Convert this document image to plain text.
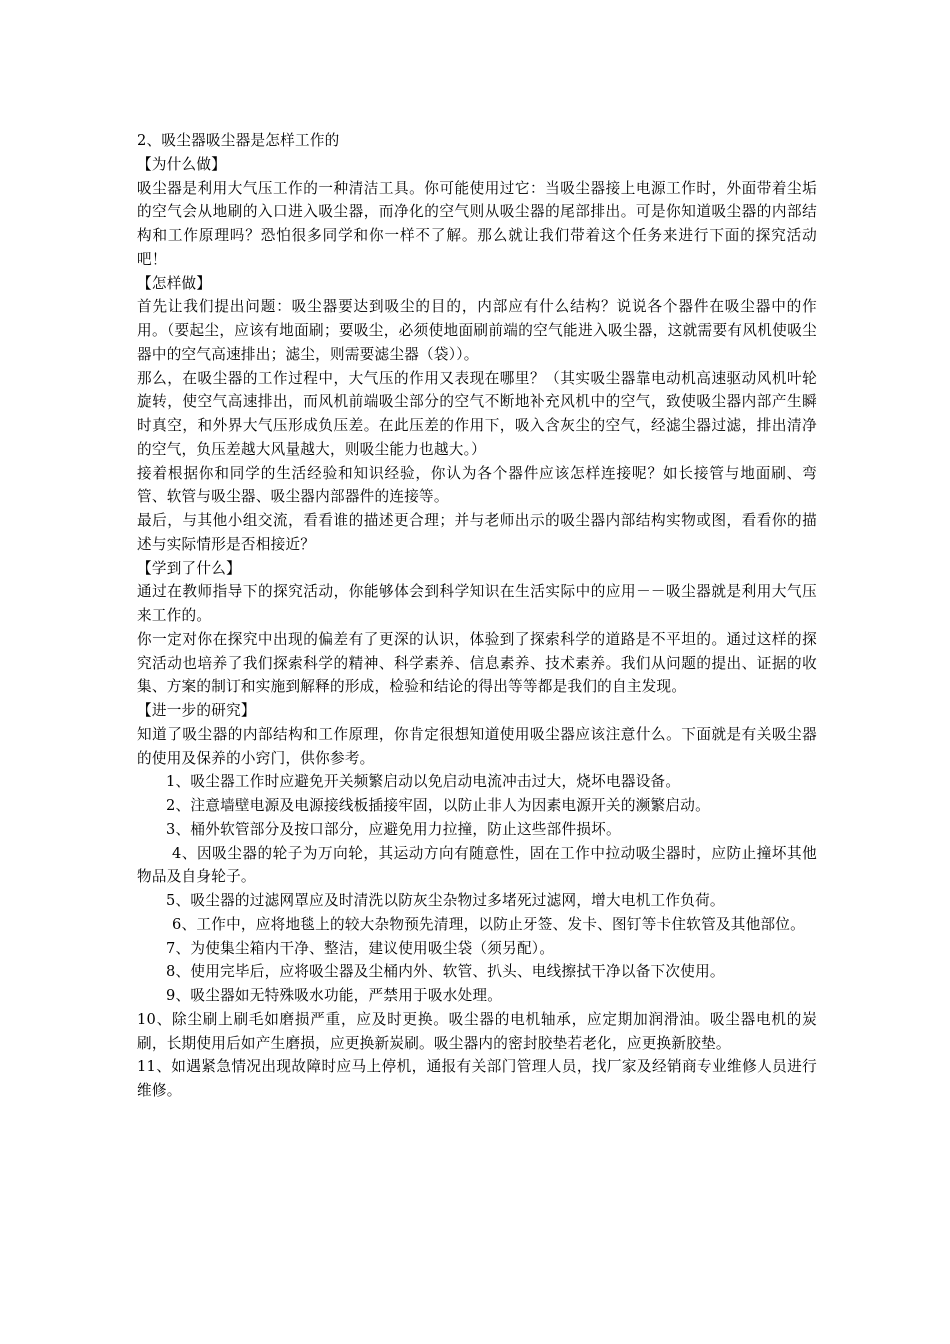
2、吸尘器吸尘器是怎样工作的

【为什么做】

吸尘器是利用大气压工作的一种清洁工具。你可能使用过它：当吸尘器接上电源工作时，外面带着尘垢的空气会从地刷的入口进入吸尘器，而净化的空气则从吸尘器的尾部排出。可是你知道吸尘器的内部结构和工作原理吗？恐怕很多同学和你一样不了解。那么就让我们带着这个任务来进行下面的探究活动吧！

【怎样做】

首先让我们提出问题：吸尘器要达到吸尘的目的，内部应有什么结构？说说各个器件在吸尘器中的作用。（要起尘，应该有地面刷；要吸尘，必须使地面刷前端的空气能进入吸尘器，这就需要有风机使吸尘器中的空气高速排出；滤尘，则需要滤尘器（袋））。

那么，在吸尘器的工作过程中，大气压的作用又表现在哪里？（其实吸尘器靠电动机高速驱动风机叶轮旋转，使空气高速排出，而风机前端吸尘部分的空气不断地补充风机中的空气，致使吸尘器内部产生瞬时真空，和外界大气压形成负压差。在此压差的作用下，吸入含灰尘的空气，经滤尘器过滤，排出清净的空气，负压差越大风量越大，则吸尘能力也越大。）

接着根据你和同学的生活经验和知识经验，你认为各个器件应该怎样连接呢？如长接管与地面刷、弯管、软管与吸尘器、吸尘器内部器件的连接等。

最后，与其他小组交流，看看谁的描述更合理；并与老师出示的吸尘器内部结构实物或图，看看你的描述与实际情形是否相接近？

【学到了什么】

通过在教师指导下的探究活动，你能够体会到科学知识在生活实际中的应用－－吸尘器就是利用大气压来工作的。

你一定对你在探究中出现的偏差有了更深的认识，体验到了探索科学的道路是不平坦的。通过这样的探究活动也培养了我们探索科学的精神、科学素养、信息素养、技术素养。我们从问题的提出、证据的收集、方案的制订和实施到解释的形成，检验和结论的得出等等都是我们的自主发现。

【进一步的研究】

知道了吸尘器的内部结构和工作原理，你肯定很想知道使用吸尘器应该注意什么。下面就是有关吸尘器的使用及保养的小窍门，供你参考。

1、吸尘器工作时应避免开关频繁启动以免启动电流冲击过大，烧坏电器设备。

2、注意墙壁电源及电源接线板插接牢固，以防止非人为因素电源开关的濒繁启动。

3、桶外软管部分及按口部分，应避免用力拉撞，防止这些部件损坏。

4、因吸尘器的轮子为万向轮，其运动方向有随意性，固在工作中拉动吸尘器时，应防止撞坏其他物品及自身轮子。

5、吸尘器的过滤网罩应及时清洗以防灰尘杂物过多堵死过滤网，增大电机工作负荷。

6、工作中，应将地毯上的较大杂物预先清理，以防止牙签、发卡、图钉等卡住软管及其他部位。

7、为使集尘箱内干净、整洁，建议使用吸尘袋（须另配）。

8、使用完毕后，应将吸尘器及尘桶内外、软管、扒头、电线擦拭干净以备下次使用。

9、吸尘器如无特殊吸水功能，严禁用于吸水处理。

10、除尘刷上刷毛如磨损严重，应及时更换。吸尘器的电机轴承，应定期加润滑油。吸尘器电机的炭刷，长期使用后如产生磨损，应更换新炭刷。吸尘器内的密封胶垫若老化，应更换新胶垫。

11、如遇紧急情况出现故障时应马上停机，通报有关部门管理人员，找厂家及经销商专业维修人员进行维修。
